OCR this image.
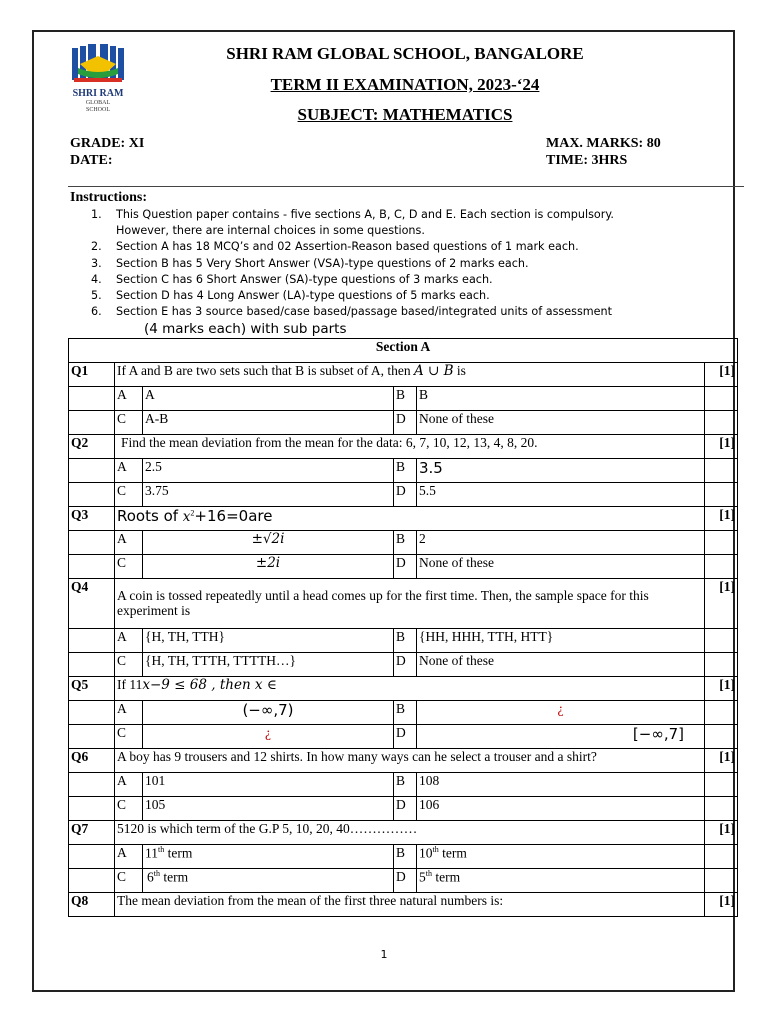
SHRI RAM
GLOBAL
SCHOOL
SHRI RAM GLOBAL SCHOOL, BANGALORE
TERM II EXAMINATION, 2023-‘24
SUBJECT: MATHEMATICS
GRADE: XI
DATE:
MAX. MARKS: 80
TIME: 3HRS
Instructions:
1. This Question paper contains - five sections A, B, C, D and E. Each section is compulsory. However, there are internal choices in some questions.
2. Section A has 18 MCQ’s and 02 Assertion-Reason based questions of 1 mark each.
3. Section B has 5 Very Short Answer (VSA)-type questions of 2 marks each.
4. Section C has 6 Short Answer (SA)-type questions of 3 marks each.
5. Section D has 4 Long Answer (LA)-type questions of 5 marks each.
6. Section E has 3 source based/case based/passage based/integrated units of assessment
(4 marks each) with sub parts
Section A					
Q1	If A and B are two sets such that B is subset of A, then A ∪ B is				[1]
	A	A	B	B	
	C	A-B	D	None of these	
Q2	Find the mean deviation from the mean for the data: 6, 7, 10, 12, 13, 4, 8, 20.				[1]
	A	2.5	B	3.5	
	C	3.75	D	5.5	
Q3	Roots of $x^2+16=0are$				[1]
	A	±√2i	B	2	
	C	±2i	D	None of these	
Q4	A coin is tossed repeatedly until a head comes up for the first time. Then, the sample space for this experiment is				[1]
	A	{H, TH, TTH}	B	{HH, HHH, TTH, HTT}	
	C	{H, TH, TTTH, TTTTH…}	D	None of these	
Q5	If 11x−9 ≤ 68 , then x ∈				[1]
	A	(−∞,7)	B	¿	
	C	¿	D	[−∞,7]	
Q6	A boy has 9 trousers and 12 shirts. In how many ways can he select a trouser and a shirt?				[1]
	A	101	B	108	
	C	105	D	106	
Q7	5120 is which term of the G.P 5, 10, 20, 40……………				[1]
	A	11th term	B	10th term	
	C	6th term	D	5th term	
Q8	The mean deviation from the mean of the first three natural numbers is:				[1]
1
